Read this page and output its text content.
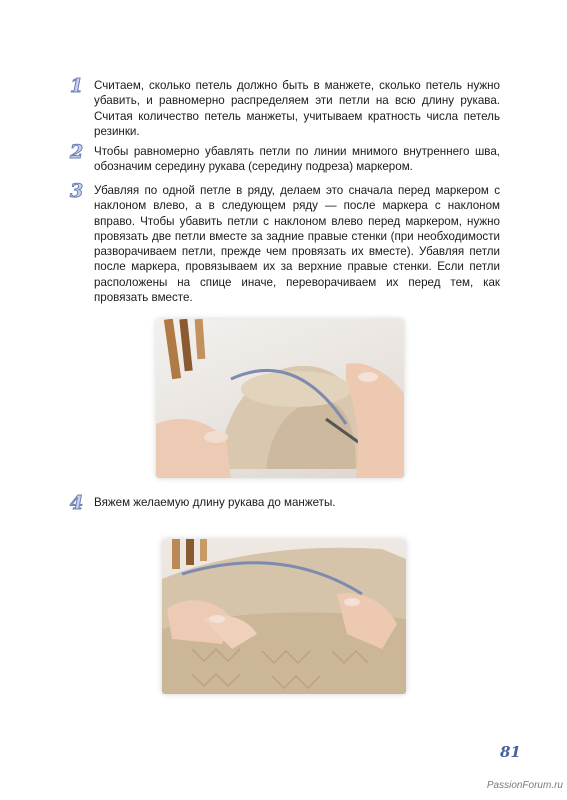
1 Считаем, сколько петель должно быть в манжете, сколько петель нужно убавить, и равномерно распределяем эти петли на всю длину рукава. Считая количество петель манжеты, учитываем кратность числа петель резинки.
2 Чтобы равномерно убавлять петли по линии мнимого внутреннего шва, обозначим середину рукава (середину подреза) маркером.
3 Убавляя по одной петле в ряду, делаем это сначала перед маркером с наклоном влево, а в следующем ряду — после маркера с наклоном вправо. Чтобы убавить петли с наклоном влево перед маркером, нужно провязать две петли вместе за задние правые стенки (при необходимости разворачиваем петли, прежде чем провязать их вместе). Убавляя петли после маркера, провязываем их за верхние правые стенки. Если петли расположены на спице иначе, переворачиваем их перед тем, как провязать вместе.
4 Вяжем желаемую длину рукава до манжеты.
81
PassionForum.ru
